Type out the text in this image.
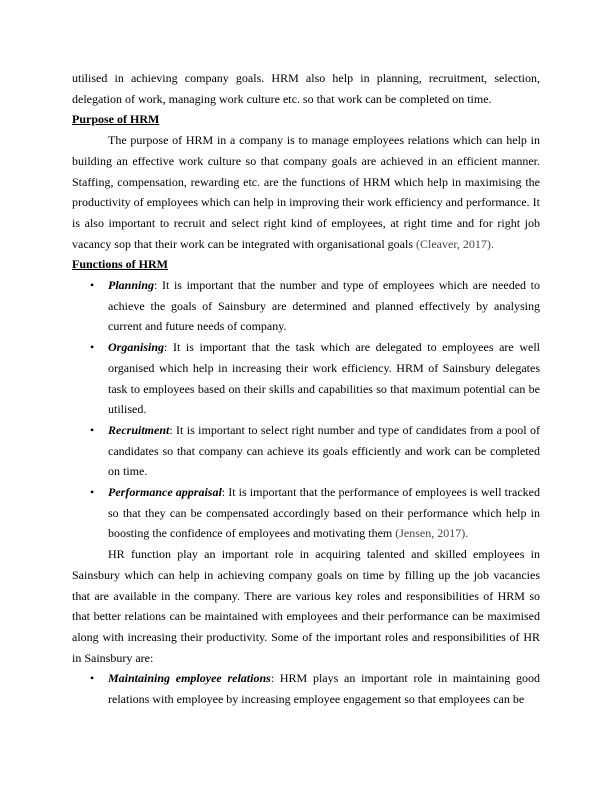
utilised in achieving company goals. HRM also help in planning, recruitment, selection, delegation of work, managing work culture etc. so that work can be completed on time.

Purpose of HRM

The purpose of HRM in a company is to manage employees relations which can help in building an effective work culture so that company goals are achieved in an efficient manner. Staffing, compensation, rewarding etc. are the functions of HRM which help in maximising the productivity of employees which can help in improving their work efficiency and performance. It is also important to recruit and select right kind of employees, at right time and for right job vacancy sop that their work can be integrated with organisational goals (Cleaver, 2017).

Functions of HRM

• Planning: It is important that the number and type of employees which are needed to achieve the goals of Sainsbury are determined and planned effectively by analysing current and future needs of company.
• Organising: It is important that the task which are delegated to employees are well organised which help in increasing their work efficiency. HRM of Sainsbury delegates task to employees based on their skills and capabilities so that maximum potential can be utilised.
• Recruitment: It is important to select right number and type of candidates from a pool of candidates so that company can achieve its goals efficiently and work can be completed on time.
• Performance appraisal: It is important that the performance of employees is well tracked so that they can be compensated accordingly based on their performance which help in boosting the confidence of employees and motivating them (Jensen, 2017).

HR function play an important role in acquiring talented and skilled employees in Sainsbury which can help in achieving company goals on time by filling up the job vacancies that are available in the company. There are various key roles and responsibilities of HRM so that better relations can be maintained with employees and their performance can be maximised along with increasing their productivity. Some of the important roles and responsibilities of HR in Sainsbury are:

• Maintaining employee relations: HRM plays an important role in maintaining good relations with employee by increasing employee engagement so that employees can be
